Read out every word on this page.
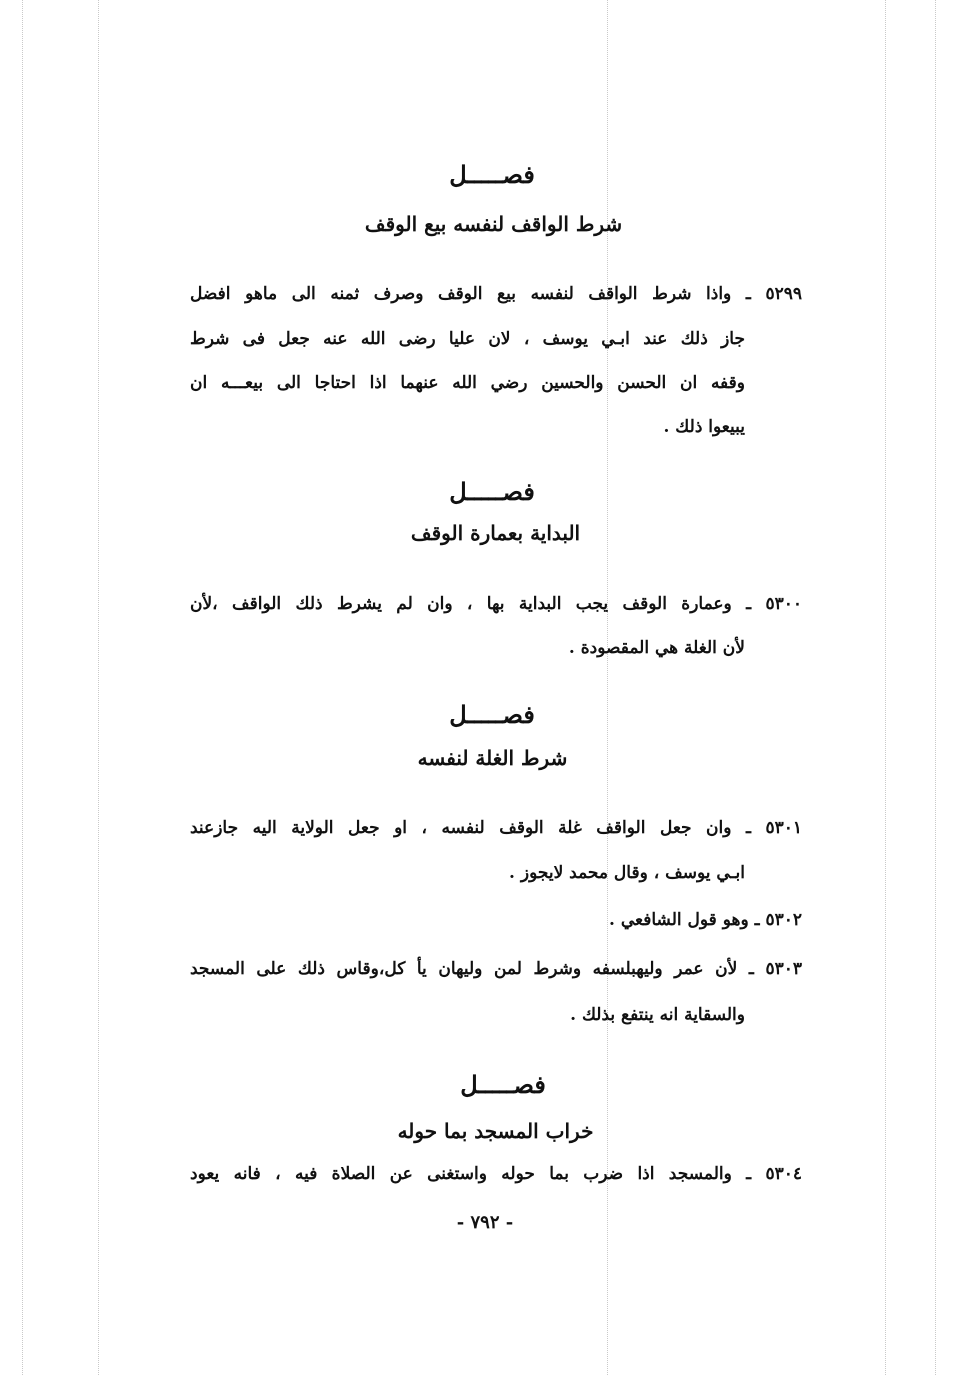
فصـــــل
شرط الواقف لنفسه بيع الوقف
٥٢٩٩ ـ واذا شرط الواقف لنفسه بيع الوقف وصرف ثمنه الى ماهو افضل
جاز ذلك عند ابـي يوسف ، لان عليا رضى الله عنه جعل فى شرط
وقفه ان الحسن والحسين رضي الله عنهما اذا احتاجا الى بيعـــه ان
يبيعوا ذلك .
فصـــــل
البداية بعمارة الوقف
٥٣٠٠ ـ وعمارة الوقف يجب البداية بها ، وان لم يشرط ذلك الواقف ،لأن
لأن الغلة هي المقصودة .
فصـــــل
شرط الغلة لنفسه
٥٣٠١ ـ وان جعل الواقف غلة الوقف لنفسه ، او جعل الولاية اليه جازعند
ابـي يوسف ، وقال محمد لايجوز .
٥٣٠٢ ـ وهو قول الشافعي .
٥٣٠٣ ـ لأن عمر وليهبلسفه وشرط لمن وليهان يأ كل،وقاس ذلك على المسجد
والسقاية انه ينتفع بذلك .
فصـــــل
خراب المسجد بما حوله
٥٣٠٤ ـ والمسجد اذا ضرب بما حوله واستغنى عن الصلاة فيه ، فانه يعود
- ٧٩٢ -
